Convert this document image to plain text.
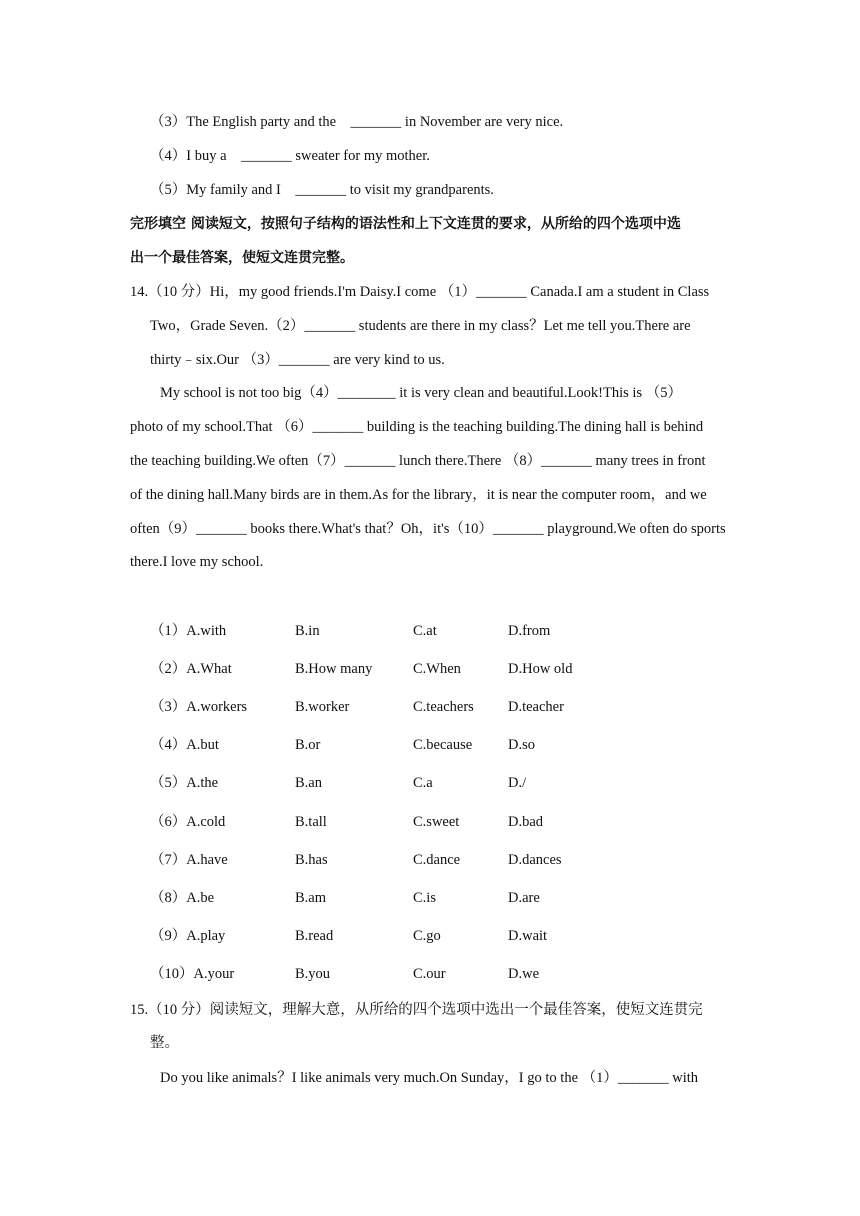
（3）The English party and the　_______ in November are very nice.
（4）I buy a　_______ sweater for my mother.
（5）My family and I　_______ to visit my grandparents.
完形填空 阅读短文，按照句子结构的语法性和上下文连贯的要求，从所给的四个选项中选
出一个最佳答案，使短文连贯完整。
14.（10 分）Hi，my good friends.I'm Daisy.I come （1）_______ Canada.I am a student in Class
Two，Grade Seven.（2）_______ students are there in my class？Let me tell you.There are
thirty﹣six.Our （3）_______ are very kind to us.
My school is not too big（4）________ it is very clean and beautiful.Look!This is （5）
photo of my school.That （6）_______ building is the teaching building.The dining hall is behind
the teaching building.We often（7）_______ lunch there.There （8）_______ many trees in front
of the dining hall.Many birds are in them.As for the library，it is near the computer room，and we
often（9）_______ books there.What's that？Oh，it's（10）_______ playground.We often do sports
there.I love my school.
（1）A.with	B.in	C.at	D.from
（2）A.What	B.How many	C.When	D.How old
（3）A.workers	B.worker	C.teachers D.teacher
（4）A.but	B.or	C.because D.so
（5）A.the	B.an	C.a	D./
（6）A.cold	B.tall	C.sweet	D.bad
（7）A.have	B.has	C.dance	D.dances
（8）A.be	B.am	C.is	D.are
（9）A.play	B.read	C.go	D.wait
（10）A.your	B.you	C.our	D.we
15.（10 分）阅读短文，理解大意，从所给的四个选项中选出一个最佳答案，使短文连贯完
整。
Do you like animals？I like animals very much.On Sunday，I go to the （1）_______ with
